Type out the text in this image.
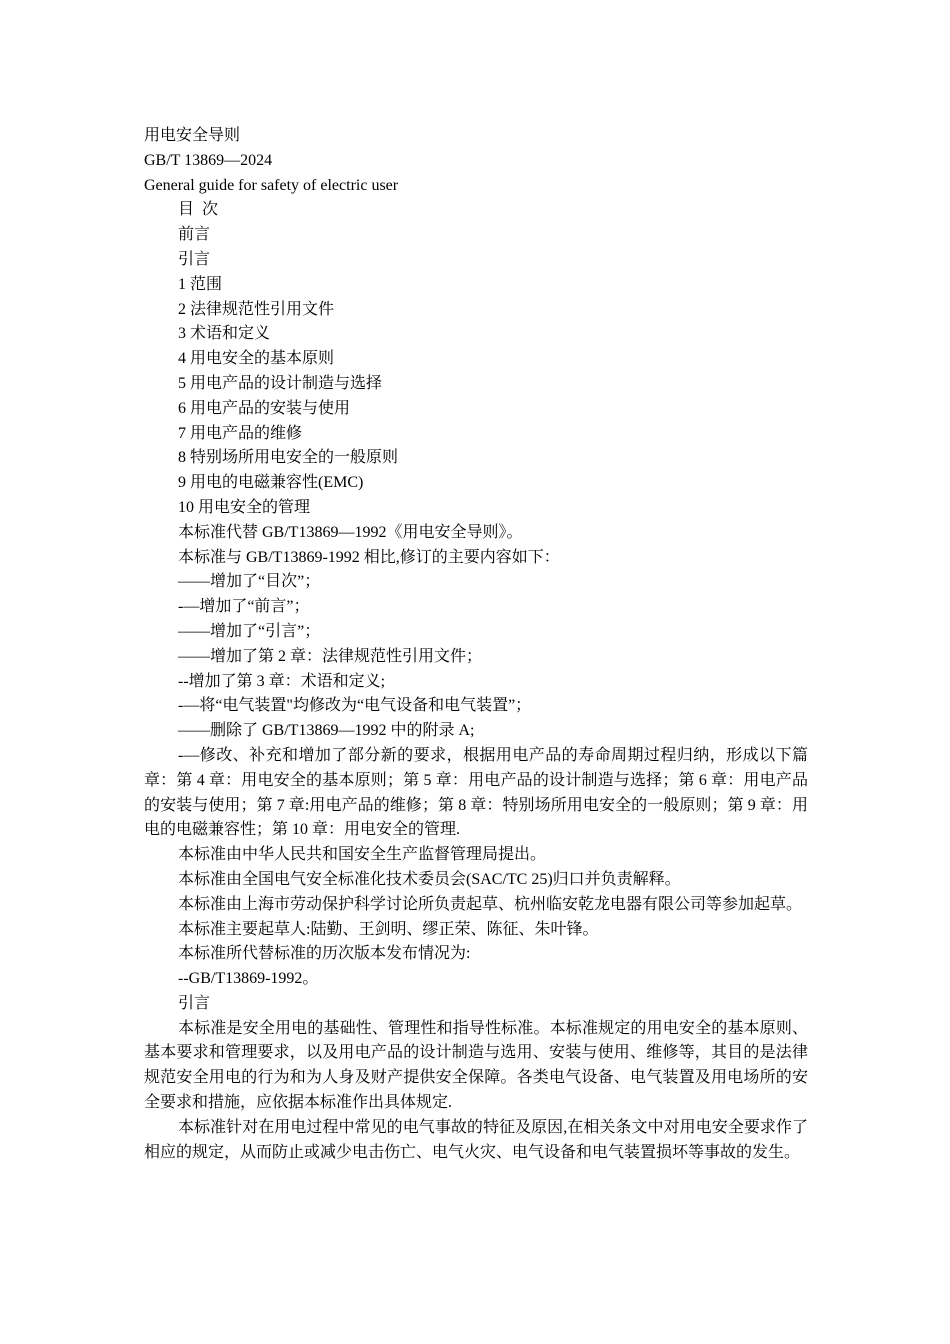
用电安全导则

GB/T 13869—2024

General guide for safety of electric user

目  次

前言

引言

1 范围

2 法律规范性引用文件

3 术语和定义

4 用电安全的基本原则

5 用电产品的设计制造与选择

6 用电产品的安装与使用

7 用电产品的维修

8 特别场所用电安全的一般原则

9 用电的电磁兼容性(EMC)

10 用电安全的管理

本标准代替 GB/T13869—1992《用电安全导则》。

本标准与 GB/T13869-1992 相比,修订的主要内容如下：

——增加了“目次”；

-—增加了“前言”；

——增加了“引言”；

——增加了第 2 章：法律规范性引用文件；

--增加了第 3 章：术语和定义;

-—将“电气装置"均修改为“电气设备和电气装置”；

——删除了 GB/T13869—1992 中的附录 A;

-—修改、补充和增加了部分新的要求，根据用电产品的寿命周期过程归纳，形成以下篇章：第 4 章：用电安全的基本原则；第 5 章：用电产品的设计制造与选择；第 6 章：用电产品的安装与使用；第 7 章:用电产品的维修；第 8 章：特别场所用电安全的一般原则；第 9 章：用电的电磁兼容性；第 10 章：用电安全的管理.

本标准由中华人民共和国安全生产监督管理局提出。

本标准由全国电气安全标准化技术委员会(SAC/TC 25)归口并负责解释。

本标准由上海市劳动保护科学讨论所负责起草、杭州临安乾龙电器有限公司等参加起草。

本标准主要起草人:陆勤、王剑明、缪正荣、陈征、朱叶锋。

本标准所代替标准的历次版本发布情况为:

--GB/T13869-1992。

引言

本标准是安全用电的基础性、管理性和指导性标准。本标准规定的用电安全的基本原则、基本要求和管理要求，以及用电产品的设计制造与选用、安装与使用、维修等，其目的是法律规范安全用电的行为和为人身及财产提供安全保障。各类电气设备、电气装置及用电场所的安全要求和措施，应依据本标准作出具体规定.

本标准针对在用电过程中常见的电气事故的特征及原因,在相关条文中对用电安全要求作了相应的规定，从而防止或减少电击伤亡、电气火灾、电气设备和电气装置损坏等事故的发生。
